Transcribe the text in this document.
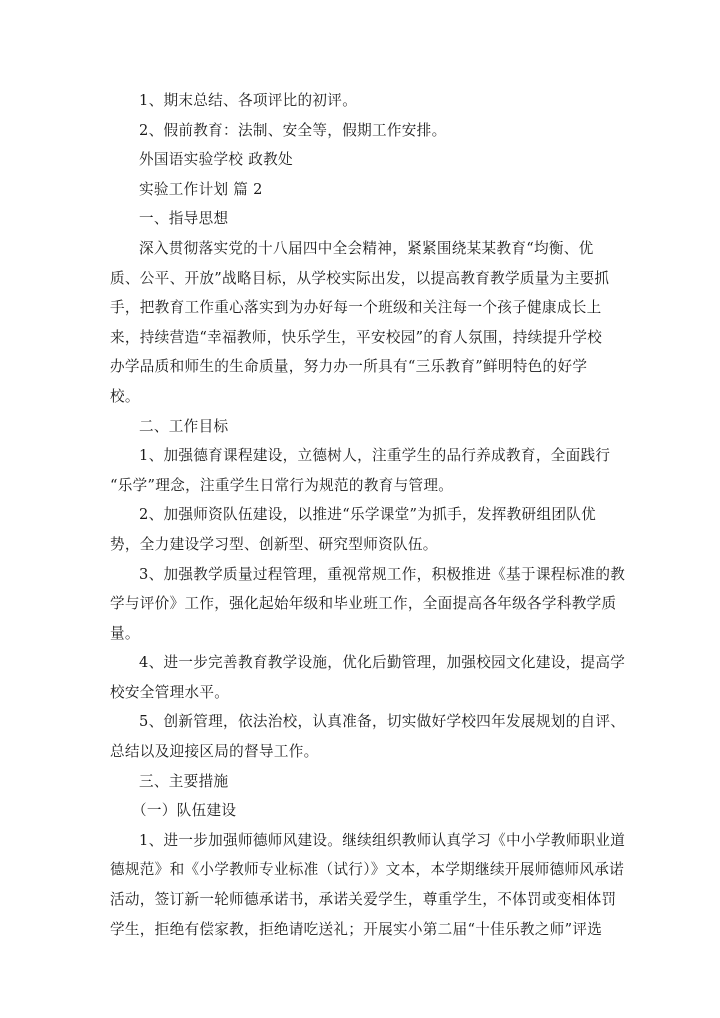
1、期末总结、各项评比的初评。
2、假前教育：法制、安全等，假期工作安排。
外国语实验学校 政教处
实验工作计划 篇 2
一、指导思想
深入贯彻落实党的十八届四中全会精神，紧紧围绕某某教育“均衡、优
质、公平、开放”战略目标，从学校实际出发，以提高教育教学质量为主要抓
手，把教育工作重心落实到为办好每一个班级和关注每一个孩子健康成长上
来，持续营造“幸福教师，快乐学生，平安校园”的育人氛围，持续提升学校
办学品质和师生的生命质量，努力办一所具有“三乐教育”鲜明特色的好学
校。
二、工作目标
1、加强德育课程建设，立德树人，注重学生的品行养成教育，全面践行
“乐学”理念，注重学生日常行为规范的教育与管理。
2、加强师资队伍建设，以推进“乐学课堂”为抓手，发挥教研组团队优
势，全力建设学习型、创新型、研究型师资队伍。
3、加强教学质量过程管理，重视常规工作，积极推进《基于课程标准的教
学与评价》工作，强化起始年级和毕业班工作，全面提高各年级各学科教学质
量。
4、进一步完善教育教学设施，优化后勤管理，加强校园文化建设，提高学
校安全管理水平。
5、创新管理，依法治校，认真准备，切实做好学校四年发展规划的自评、
总结以及迎接区局的督导工作。
三、主要措施
（一）队伍建设
1、进一步加强师德师风建设。继续组织教师认真学习《中小学教师职业道
德规范》和《小学教师专业标准（试行）》文本，本学期继续开展师德师风承诺
活动，签订新一轮师德承诺书，承诺关爱学生，尊重学生，不体罚或变相体罚
学生，拒绝有偿家教，拒绝请吃送礼；开展实小第二届“十佳乐教之师”评选
